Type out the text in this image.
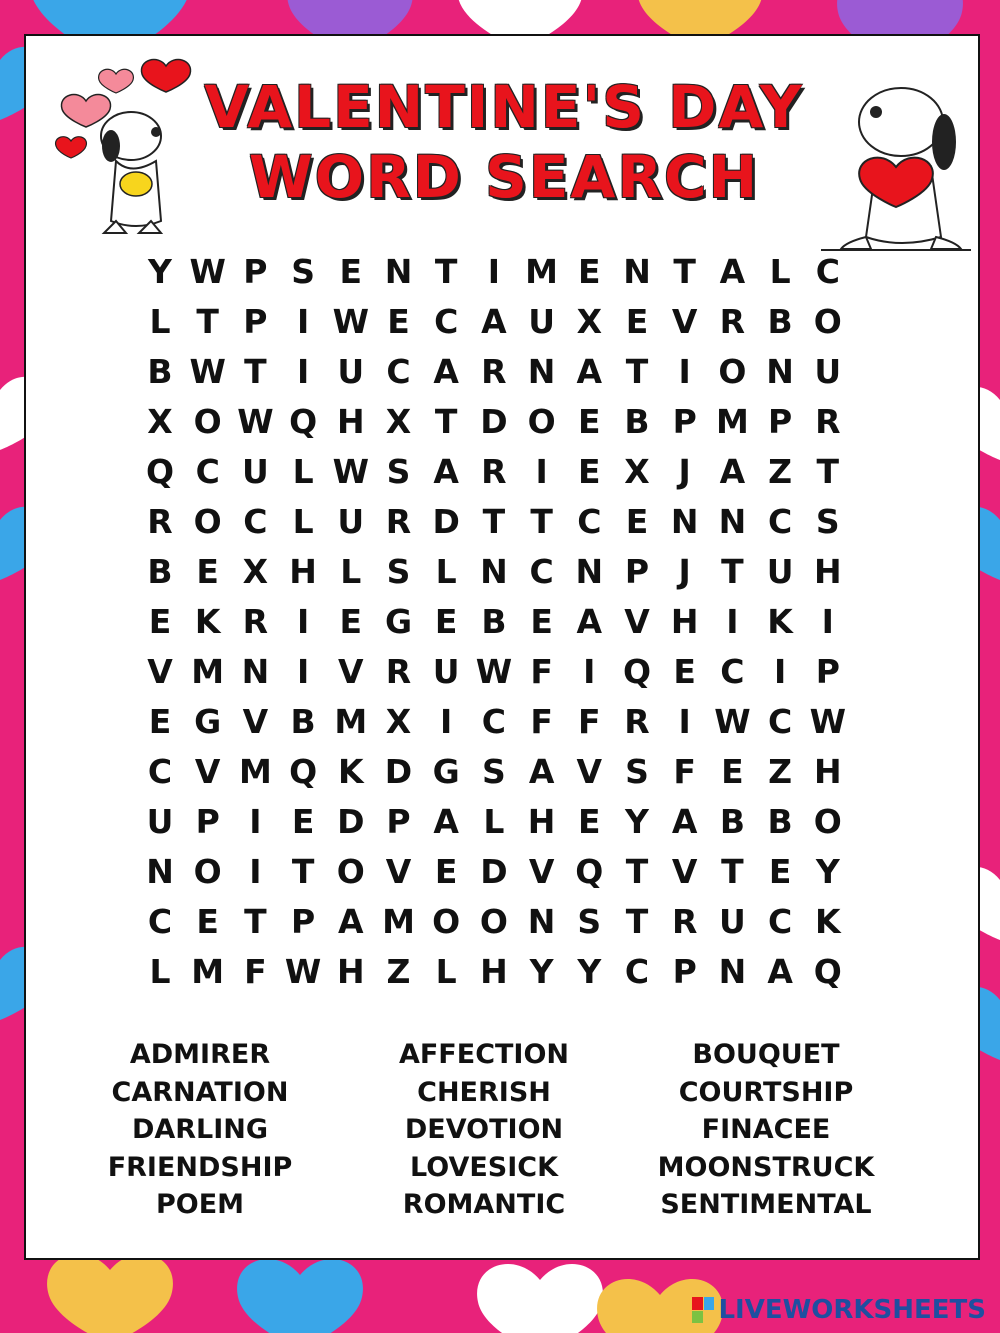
VALENTINE'S DAY
WORD SEARCH
Y W P S E N T I M E N T A L C
L T P I W E C A U X E V R B O
B W T I U C A R N A T I O N U
X O W Q H X T D O E B P M P R
Q C U L W S A R I E X J A Z T
R O C L U R D T T C E N N C S
B E X H L S L N C N P J T U H
E K R I E G E B E A V H I K I
V M N I V R U W F I Q E C I P
E G V B M X I C F F R I W C W
C V M Q K D G S A V S F E Z H
U P I E D P A L H E Y A B B O
N O I T O V E D V Q T V T E Y
C E T P A M O O N S T R U C K
L M F W H Z L H Y Y C P N A Q
ADMIRER
CARNATION
DARLING
FRIENDSHIP
POEM
AFFECTION
CHERISH
DEVOTION
LOVESICK
ROMANTIC
BOUQUET
COURTSHIP
FINACEE
MOONSTRUCK
SENTIMENTAL
LIVEWORKSHEETS
